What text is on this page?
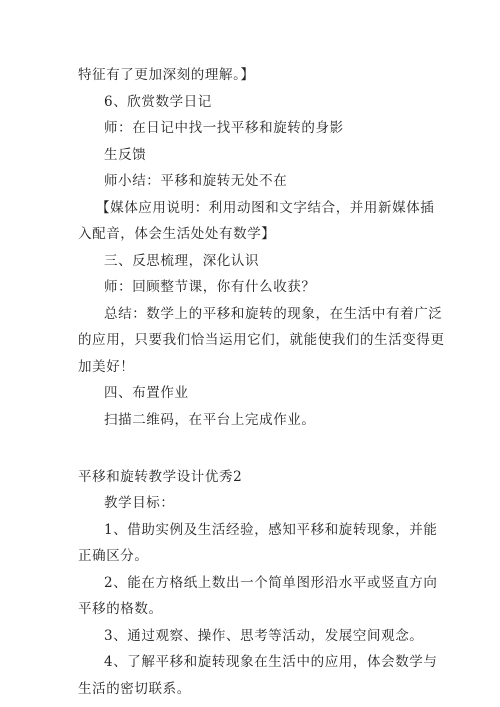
特征有了更加深刻的理解。】
6、欣赏数学日记
师：在日记中找一找平移和旋转的身影
生反馈
师小结：平移和旋转无处不在
【媒体应用说明：利用动图和文字结合，并用新媒体插
入配音，体会生活处处有数学】
三、反思梳理，深化认识
师：回顾整节课，你有什么收获？
总结：数学上的平移和旋转的现象，在生活中有着广泛
的应用，只要我们恰当运用它们，就能使我们的生活变得更
加美好！
四、布置作业
扫描二维码，在平台上完成作业。
平移和旋转教学设计优秀2
教学目标：
1、借助实例及生活经验，感知平移和旋转现象，并能
正确区分。
2、能在方格纸上数出一个简单图形沿水平或竖直方向
平移的格数。
3、通过观察、操作、思考等活动，发展空间观念。
4、了解平移和旋转现象在生活中的应用，体会数学与
生活的密切联系。
